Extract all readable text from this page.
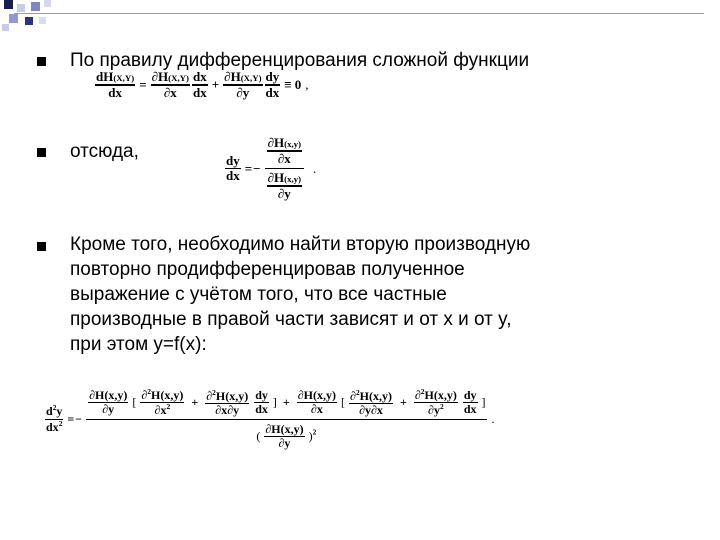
По правилу дифференцирования сложной функции
$\frac{dH(X,Y)}{dx} = \frac{\partial H(X,Y)}{\partial x} \frac{dx}{dx} + \frac{\partial H(X,Y)}{\partial y} \frac{dy}{dx} \equiv 0$ ,
отсюда,
$\frac{dy}{dx}$ = − $\frac{\frac{\partial H(x,y)}{\partial x}}{\frac{\partial H(x,y)}{\partial y}}$ .
Кроме того, необходимо найти вторую производную
повторно продифференцировав полученное
выражение с учётом того, что все частные
производные в правой части зависят и от x и от y,
при этом y=f(x):
$\frac{d^2y}{dx^2}$ = −
$\frac{\partial H(x,y)}{\partial y}$ [ $\frac{\partial^2H(x,y)}{\partial x^2} + \frac{\partial^2H(x,y)}{\partial x\partial y}$
$\frac{dy}{dx}$ ] + $\frac{\partial H(x,y)}{\partial x}$ [ $\frac{\partial^2H(x,y)}{\partial y\partial x} + \frac{\partial^2H(x,y)}{\partial y^2}$
$\frac{dy}{dx}$ ]
( $\frac{\partial H(x,y)}{\partial y} )^2$
.
